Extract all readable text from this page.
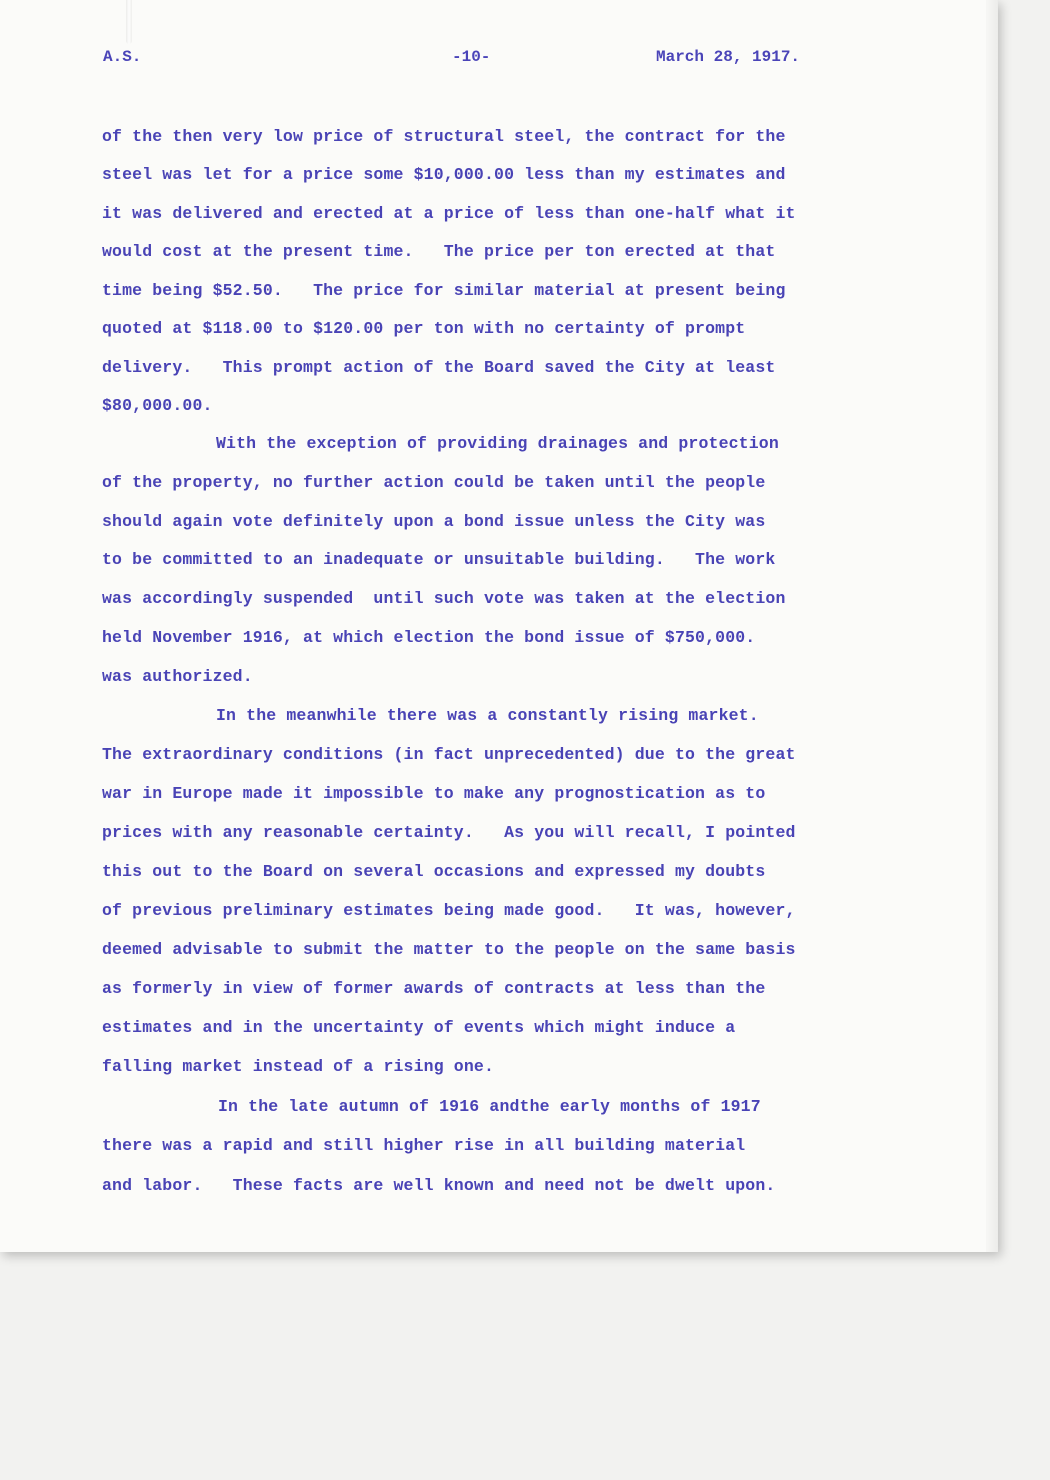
A.S.	-10-	March 28, 1917.
of the then very low price of structural steel, the contract for the
steel was let for a price some $10,000.00 less than my estimates and
it was delivered and erected at a price of less than one-half what it
would cost at the present time.   The price per ton erected at that
time being $52.50.   The price for similar material at present being
quoted at $118.00 to $120.00 per ton with no certainty of prompt
delivery.   This prompt action of the Board saved the City at least
$80,000.00.
With the exception of providing drainages and protection
of the property, no further action could be taken until the people
should again vote definitely upon a bond issue unless the City was
to be committed to an inadequate or unsuitable building.   The work
was accordingly suspended  until such vote was taken at the election
held November 1916, at which election the bond issue of $750,000.
was authorized.
In the meanwhile there was a constantly rising market.
The extraordinary conditions (in fact unprecedented) due to the great
war in Europe made it impossible to make any prognostication as to
prices with any reasonable certainty.   As you will recall, I pointed
this out to the Board on several occasions and expressed my doubts
of previous preliminary estimates being made good.   It was, however,
deemed advisable to submit the matter to the people on the same basis
as formerly in view of former awards of contracts at less than the
estimates and in the uncertainty of events which might induce a
falling market instead of a rising one.
In the late autumn of 1916 andthe early months of 1917
there was a rapid and still higher rise in all building material
and labor.   These facts are well known and need not be dwelt upon.
